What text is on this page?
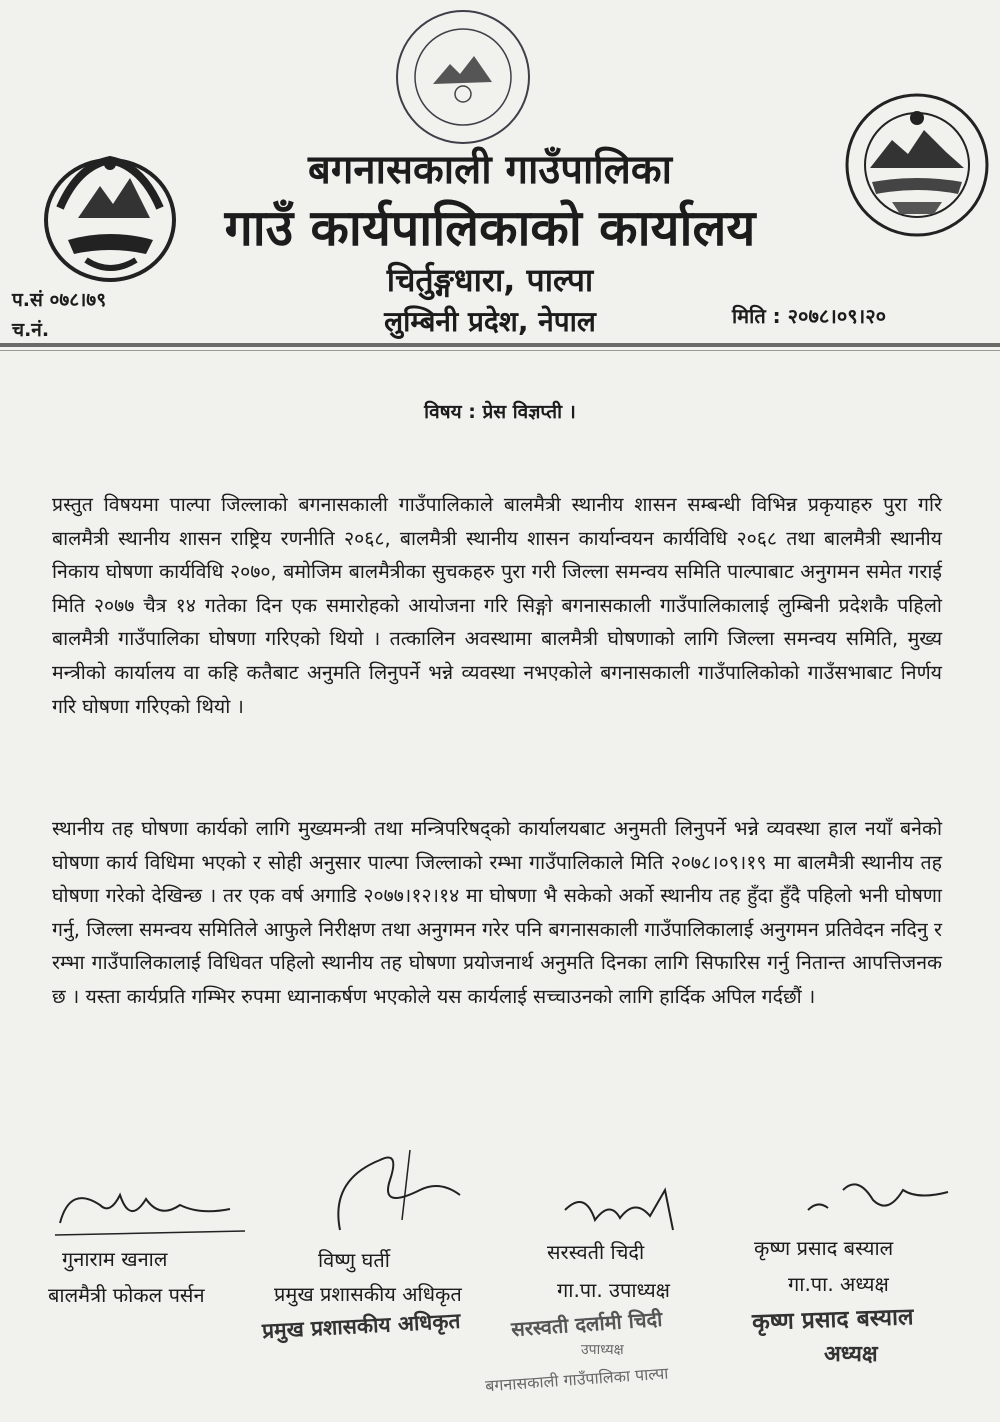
बगनासकाली गाउँपालिका
गाउँ कार्यपालिकाको कार्यालय
चिर्तुङ्गधारा, पाल्पा
लुम्बिनी प्रदेश, नेपाल
प.सं ०७८।७९
च.नं.
मिति : २०७८।०९।२०
विषय : प्रेस विज्ञप्ती ।
प्रस्तुत विषयमा पाल्पा जिल्लाको बगनासकाली गाउँपालिकाले बालमैत्री स्थानीय शासन सम्बन्धी विभिन्न प्रकृयाहरु पुरा गरि बालमैत्री स्थानीय शासन राष्ट्रिय रणनीति २०६८, बालमैत्री स्थानीय शासन कार्यान्वयन कार्यविधि २०६८ तथा बालमैत्री स्थानीय निकाय घोषणा कार्यविधि २०७०, बमोजिम बालमैत्रीका सुचकहरु पुरा गरी जिल्ला समन्वय समिति पाल्पाबाट अनुगमन समेत गराई मिति २०७७ चैत्र १४ गतेका दिन एक समारोहको आयोजना गरि सिङ्गो बगनासकाली गाउँपालिकालाई लुम्बिनी प्रदेशकै पहिलो बालमैत्री गाउँपालिका घोषणा गरिएको थियो । तत्कालिन अवस्थामा बालमैत्री घोषणाको लागि जिल्ला समन्वय समिति, मुख्य मन्त्रीको कार्यालय वा कहि कतैबाट अनुमति लिनुपर्ने भन्ने व्यवस्था नभएकोले बगनासकाली गाउँपालिकोको गाउँसभाबाट निर्णय गरि घोषणा गरिएको थियो ।
स्थानीय तह घोषणा कार्यको लागि मुख्यमन्त्री तथा मन्त्रिपरिषद्को कार्यालयबाट अनुमती लिनुपर्ने भन्ने व्यवस्था हाल नयाँ बनेको घोषणा कार्य विधिमा भएको र सोही अनुसार पाल्पा जिल्लाको रम्भा गाउँपालिकाले मिति २०७८।०९।१९ मा बालमैत्री स्थानीय तह घोषणा गरेको देखिन्छ । तर एक वर्ष अगाडि २०७७।१२।१४ मा घोषणा भै सकेको अर्को स्थानीय तह हुँदा हुँदै पहिलो भनी घोषणा गर्नु, जिल्ला समन्वय समितिले आफुले निरीक्षण तथा अनुगमन गरेर पनि बगनासकाली गाउँपालिकालाई अनुगमन प्रतिवेदन नदिनु र रम्भा गाउँपालिकालाई विधिवत पहिलो स्थानीय तह घोषणा प्रयोजनार्थ अनुमति दिनका लागि सिफारिस गर्नु नितान्त आपत्तिजनक छ । यस्ता कार्यप्रति गम्भिर रुपमा ध्यानाकर्षण भएकोले यस कार्यलाई सच्चाउनको लागि हार्दिक अपिल गर्दछौं ।
गुनाराम खनाल
बालमैत्री फोकल पर्सन
विष्णु घर्ती
प्रमुख प्रशासकीय अधिकृत
प्रमुख प्रशासकीय अधिकृत
सरस्वती चिदी
गा.पा. उपाध्यक्ष
सरस्वती दर्लामी चिदी
उपाध्यक्ष
बगनासकाली गाउँपालिका पाल्पा
कृष्ण प्रसाद बस्याल
गा.पा. अध्यक्ष
कृष्ण प्रसाद बस्याल
अध्यक्ष
